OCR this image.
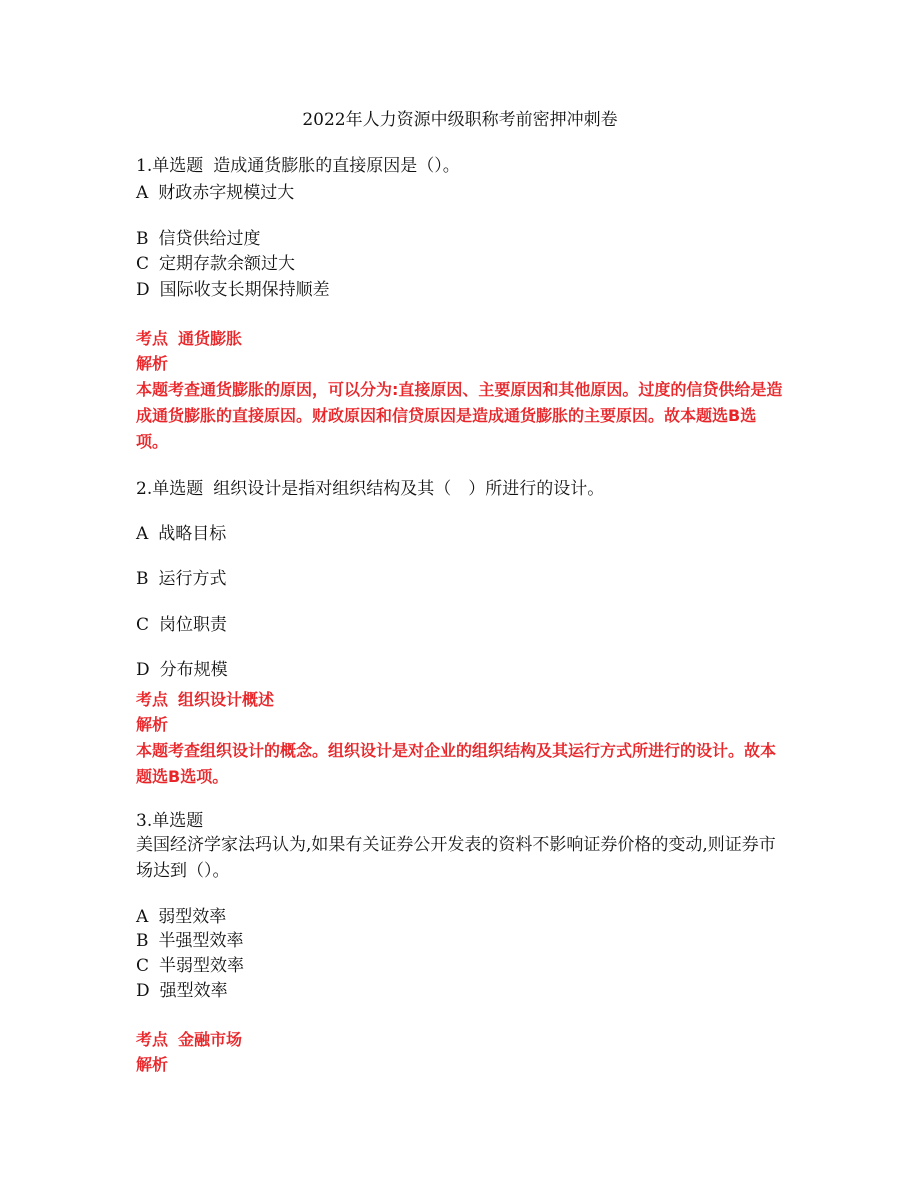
2022年人力资源中级职称考前密押冲刺卷
1.单选题 造成通货膨胀的直接原因是（）。
A 财政赤字规模过大
B 信贷供给过度
C 定期存款余额过大
D 国际收支长期保持顺差
考点 通货膨胀
解析
本题考查通货膨胀的原因，可以分为:直接原因、主要原因和其他原因。过度的信贷供给是造成通货膨胀的直接原因。财政原因和信贷原因是造成通货膨胀的主要原因。故本题选B选项。
2.单选题 组织设计是指对组织结构及其（　）所进行的设计。
A 战略目标
B 运行方式
C 岗位职责
D 分布规模
考点 组织设计概述
解析
本题考查组织设计的概念。组织设计是对企业的组织结构及其运行方式所进行的设计。故本题选B选项。
3.单选题
美国经济学家法玛认为,如果有关证券公开发表的资料不影响证券价格的变动,则证券市场达到（）。
A 弱型效率
B 半强型效率
C 半弱型效率
D 强型效率
考点 金融市场
解析
